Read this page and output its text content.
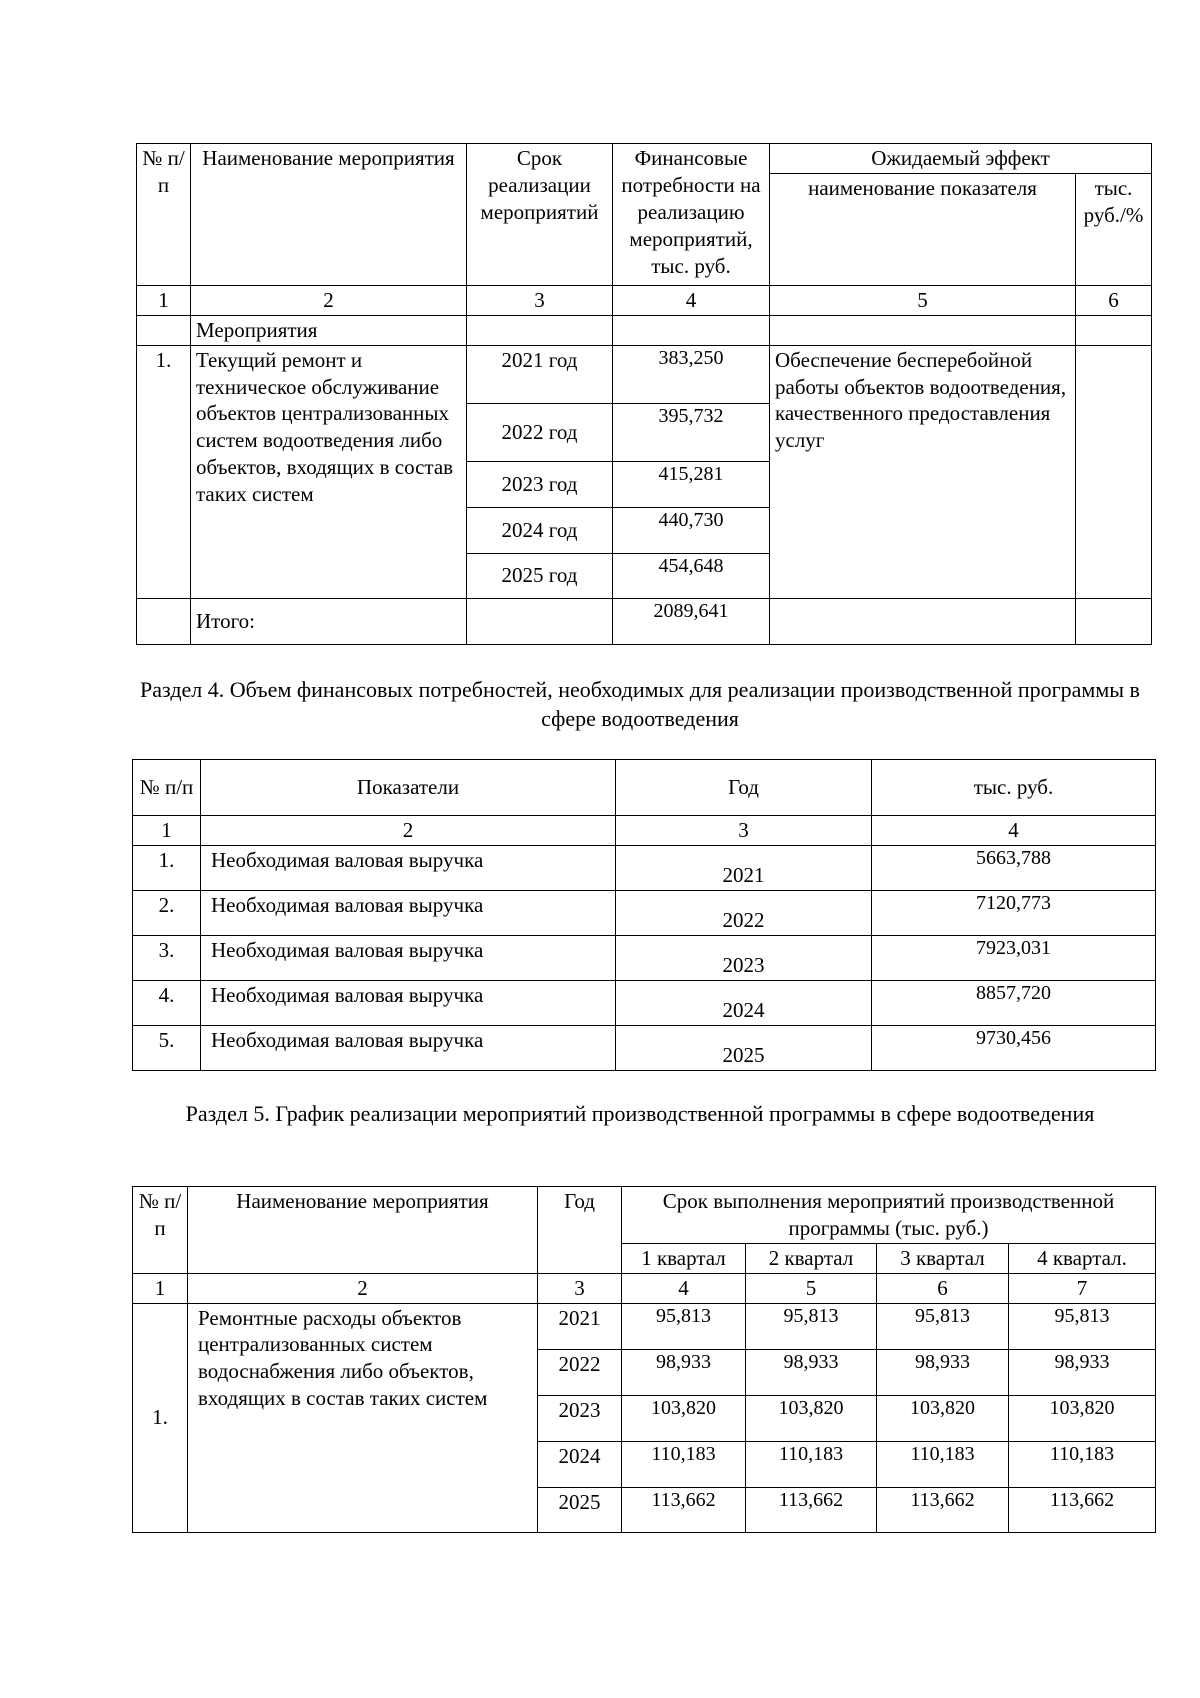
№ п/п	Наименование мероприятия	Срок реализации мероприятий	Финансовые потребности на реализацию мероприятий, тыс. руб.	Ожидаемый эффект	
				наименование показателя	тыс. руб./%
1	2	3	4	5	6
	Мероприятия				
1.	Текущий ремонт и техническое обслуживание объектов централизованных систем водоотведения либо объектов, входящих в состав таких систем	2021 год	383,250	Обеспечение бесперебойной работы объектов водоотведения, качественного предоставления услуг	
		2022 год	395,732		
		2023 год	415,281		
		2024 год	440,730		
		2025 год	454,648		
	Итого:		2089,641		
Раздел 4. Объем финансовых потребностей, необходимых для реализации производственной программы в сфере водоотведения
№ п/п	Показатели	Год	тыс. руб.
1	2	3	4
1.	Необходимая валовая выручка	2021	5663,788
2.	Необходимая валовая выручка	2022	7120,773
3.	Необходимая валовая выручка	2023	7923,031
4.	Необходимая валовая выручка	2024	8857,720
5.	Необходимая валовая выручка	2025	9730,456
Раздел 5. График реализации мероприятий производственной программы в сфере водоотведения
№ п/п	Наименование мероприятия	Год	Срок выполнения мероприятий производственной программы (тыс. руб.)			
			1 квартал	2 квартал	3 квартал	4 квартал.
1	2	3	4	5	6	7
1.	Ремонтные расходы объектов централизованных систем водоснабжения либо объектов, входящих в состав таких систем	2021	95,813	95,813	95,813	95,813
		2022	98,933	98,933	98,933	98,933
		2023	103,820	103,820	103,820	103,820
		2024	110,183	110,183	110,183	110,183
		2025	113,662	113,662	113,662	113,662
